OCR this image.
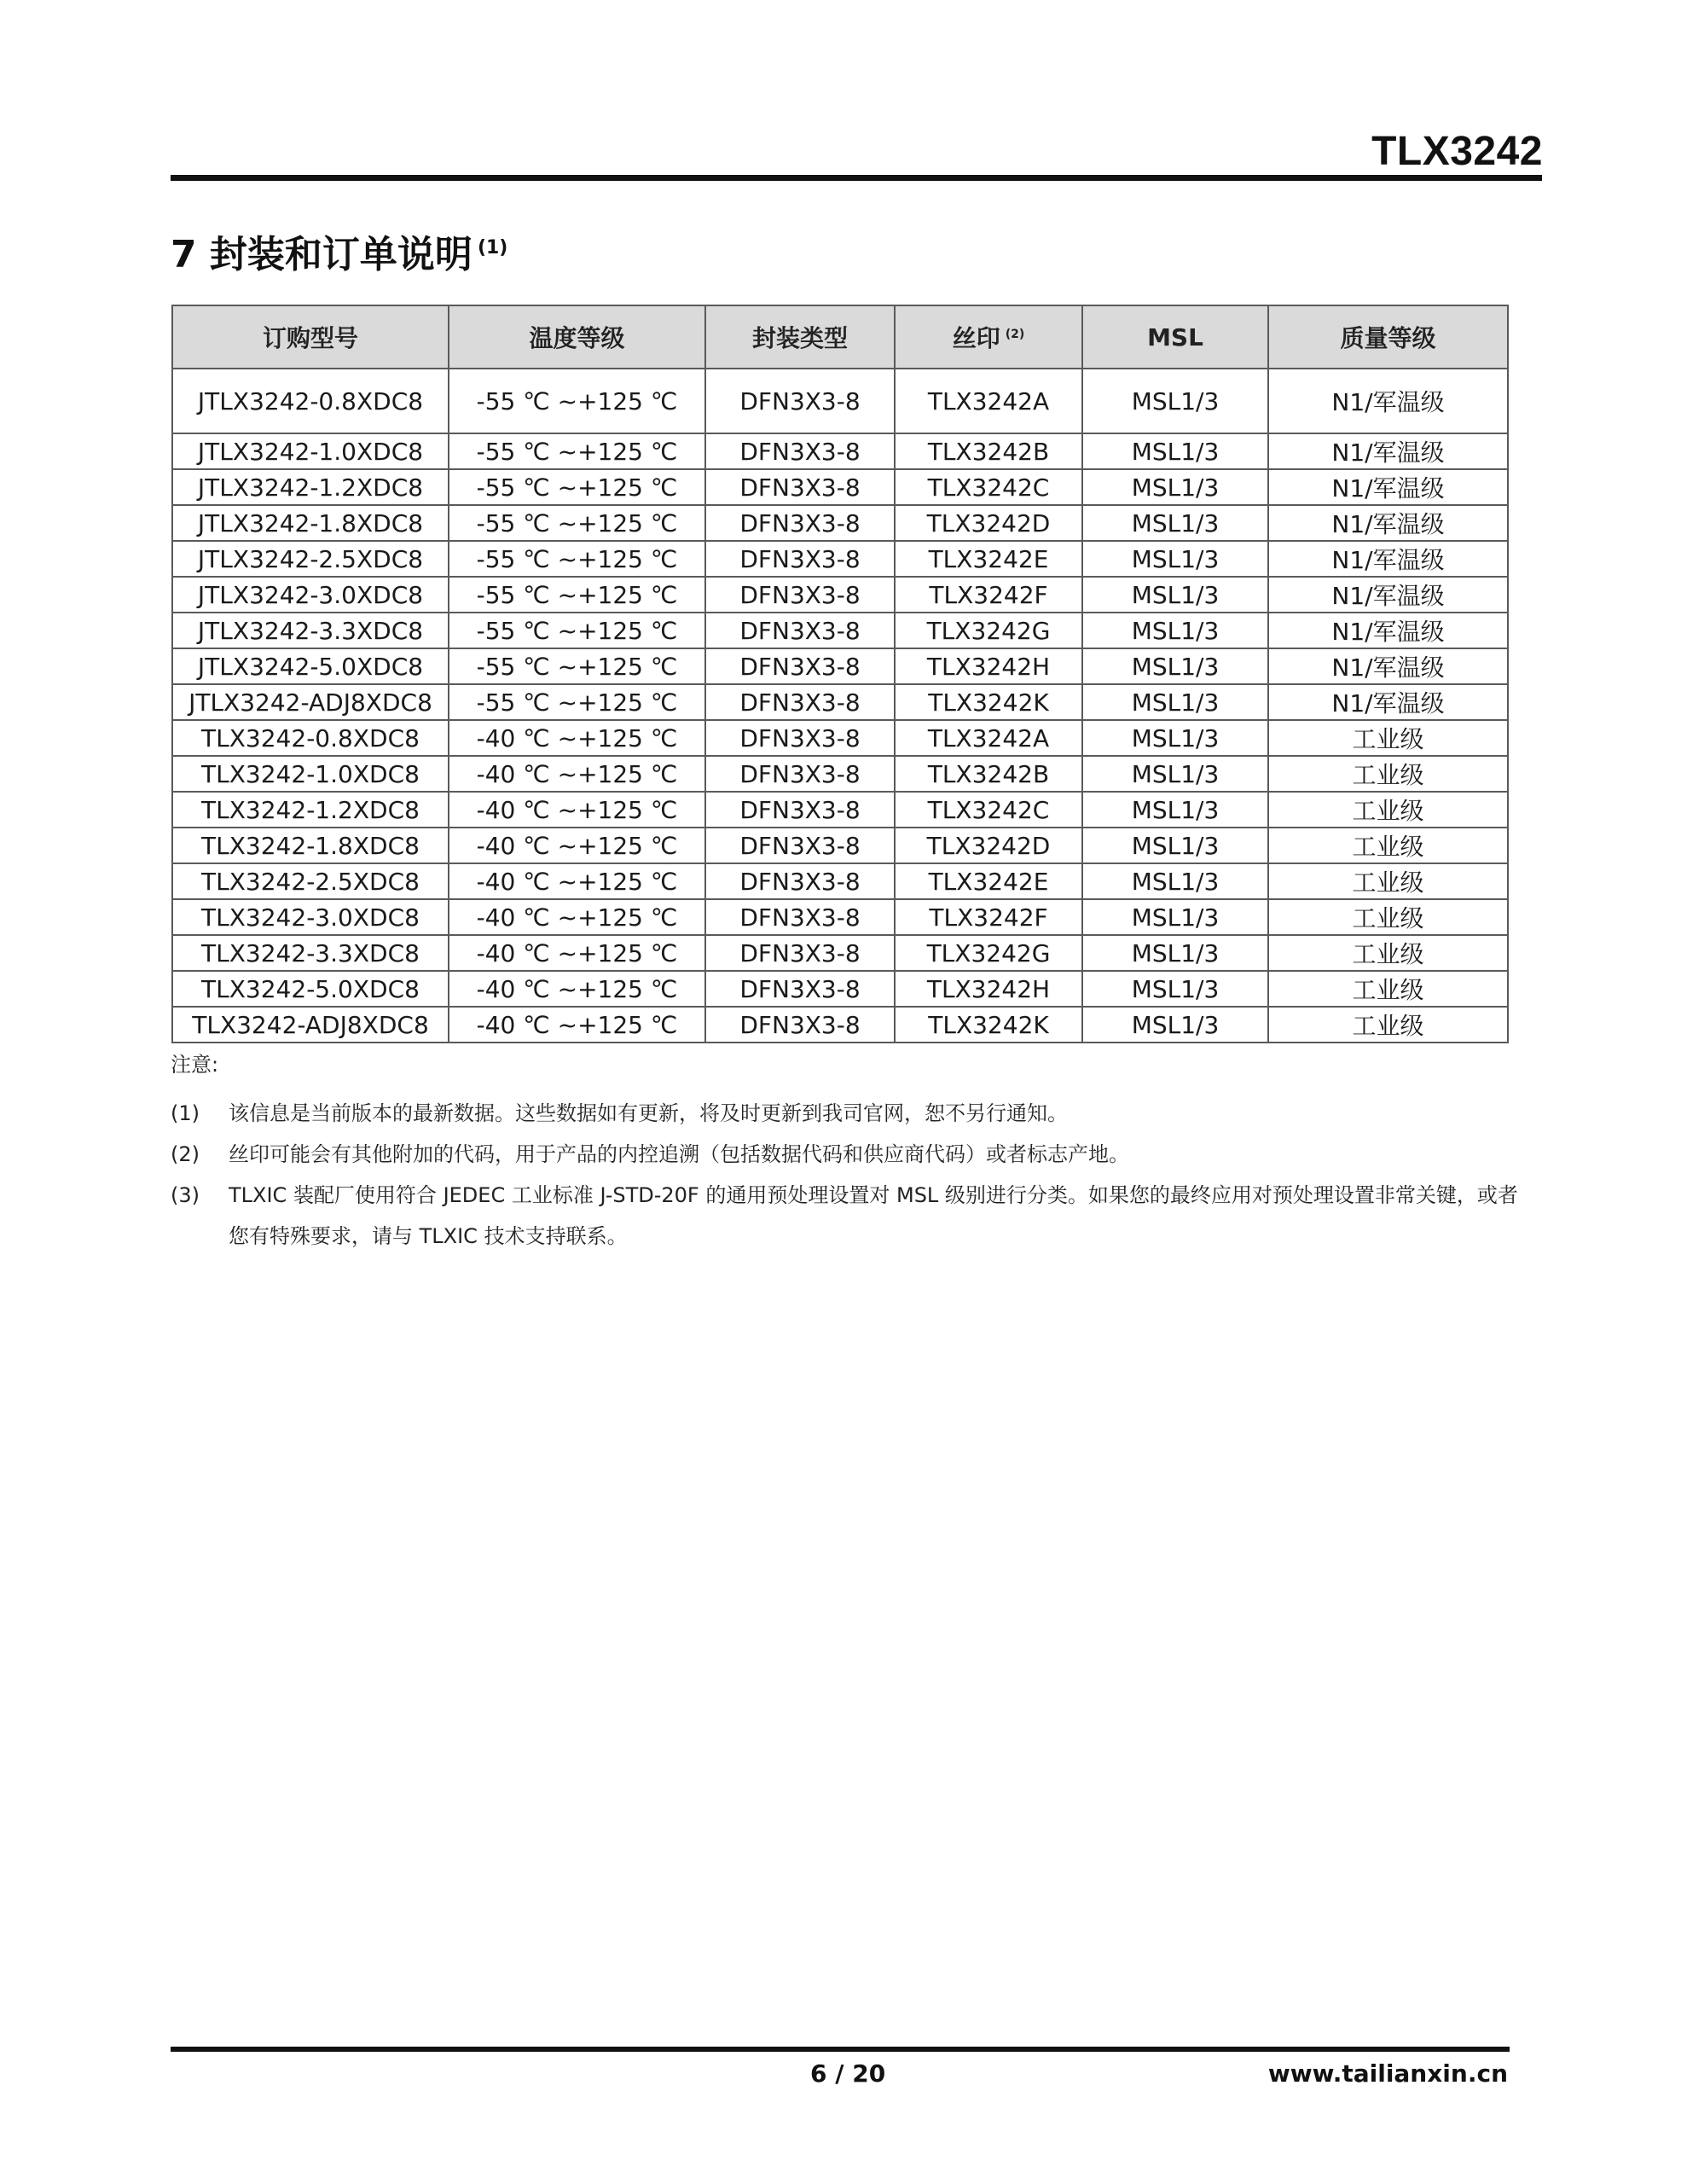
TLX3242
7 封装和订单说明 $^{(1)}$
订购型号	温度等级	封装类型	丝印 $^{(2)}$	MSL	质量等级
JTLX3242-0.8XDC8	-55 ℃ ~+125 ℃	DFN3X3-8	TLX3242A	MSL1/3	N1/军温级
JTLX3242-1.0XDC8	-55 ℃ ~+125 ℃	DFN3X3-8	TLX3242B	MSL1/3	N1/军温级
JTLX3242-1.2XDC8	-55 ℃ ~+125 ℃	DFN3X3-8	TLX3242C	MSL1/3	N1/军温级
JTLX3242-1.8XDC8	-55 ℃ ~+125 ℃	DFN3X3-8	TLX3242D	MSL1/3	N1/军温级
JTLX3242-2.5XDC8	-55 ℃ ~+125 ℃	DFN3X3-8	TLX3242E	MSL1/3	N1/军温级
JTLX3242-3.0XDC8	-55 ℃ ~+125 ℃	DFN3X3-8	TLX3242F	MSL1/3	N1/军温级
JTLX3242-3.3XDC8	-55 ℃ ~+125 ℃	DFN3X3-8	TLX3242G	MSL1/3	N1/军温级
JTLX3242-5.0XDC8	-55 ℃ ~+125 ℃	DFN3X3-8	TLX3242H	MSL1/3	N1/军温级
JTLX3242-ADJ8XDC8	-55 ℃ ~+125 ℃	DFN3X3-8	TLX3242K	MSL1/3	N1/军温级
TLX3242-0.8XDC8	-40 ℃ ~+125 ℃	DFN3X3-8	TLX3242A	MSL1/3	工业级
TLX3242-1.0XDC8	-40 ℃ ~+125 ℃	DFN3X3-8	TLX3242B	MSL1/3	工业级
TLX3242-1.2XDC8	-40 ℃ ~+125 ℃	DFN3X3-8	TLX3242C	MSL1/3	工业级
TLX3242-1.8XDC8	-40 ℃ ~+125 ℃	DFN3X3-8	TLX3242D	MSL1/3	工业级
TLX3242-2.5XDC8	-40 ℃ ~+125 ℃	DFN3X3-8	TLX3242E	MSL1/3	工业级
TLX3242-3.0XDC8	-40 ℃ ~+125 ℃	DFN3X3-8	TLX3242F	MSL1/3	工业级
TLX3242-3.3XDC8	-40 ℃ ~+125 ℃	DFN3X3-8	TLX3242G	MSL1/3	工业级
TLX3242-5.0XDC8	-40 ℃ ~+125 ℃	DFN3X3-8	TLX3242H	MSL1/3	工业级
TLX3242-ADJ8XDC8	-40 ℃ ~+125 ℃	DFN3X3-8	TLX3242K	MSL1/3	工业级
注意:
(1)	该信息是当前版本的最新数据。这些数据如有更新，将及时更新到我司官网，恕不另行通知。
(2)	丝印可能会有其他附加的代码，用于产品的内控追溯（包括数据代码和供应商代码）或者标志产地。
(3)	TLXIC 装配厂使用符合 JEDEC 工业标准 J-STD-20F 的通用预处理设置对 MSL 级别进行分类。如果您的最终应用对预处理设置非常关键，或者您有特殊要求，请与 TLXIC 技术支持联系。
6 / 20	www.tailianxin.cn
